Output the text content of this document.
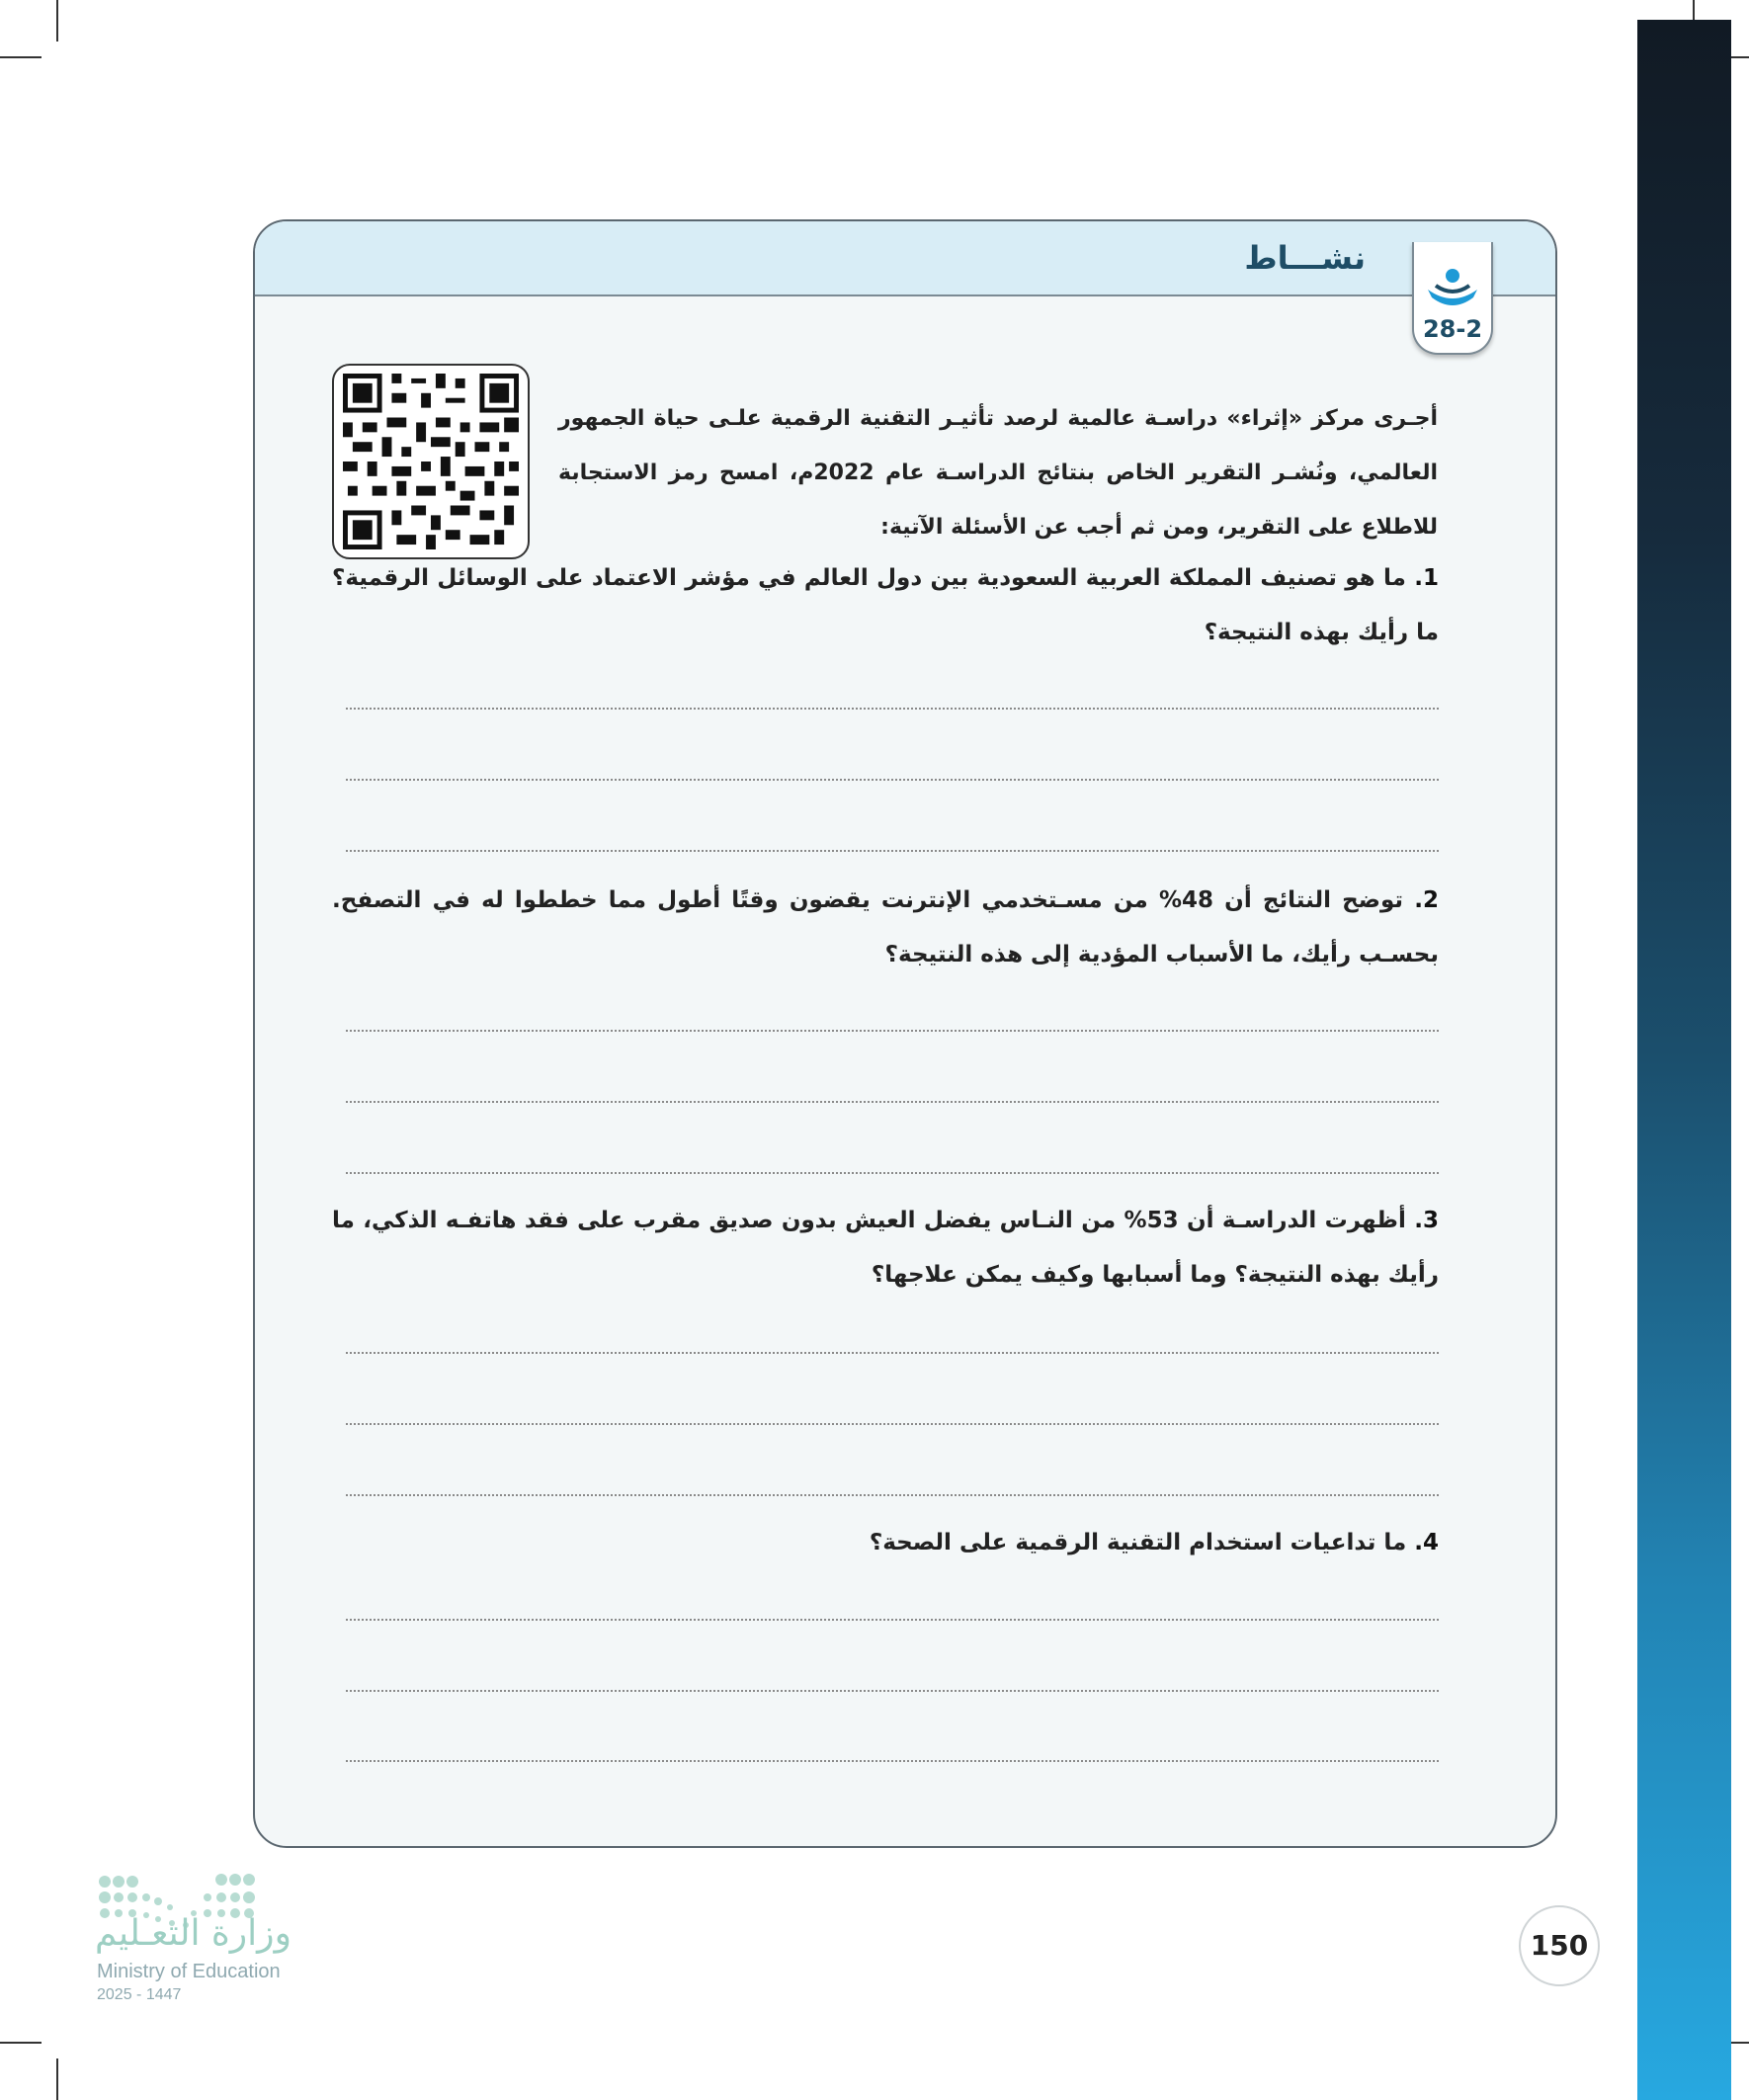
نشـــاط
28-2
أجـرى مركز «إثراء» دراسـة عالمية لرصد تأثيـر التقنية الرقمية علـى حياة الجمهور العالمي، ونُشـر التقرير الخاص بنتائج الدراسـة عام 2022م، امسح رمز الاستجابة للاطلاع على التقرير، ومن ثم أجب عن الأسئلة الآتية:
1. ما هو تصنيف المملكة العربية السعودية بين دول العالم في مؤشر الاعتماد على الوسائل الرقمية؟ ما رأيك بهذه النتيجة؟
2. توضح النتائج أن 48% من مسـتخدمي الإنترنت يقضون وقتًا أطول مما خططوا له في التصفح. بحسـب رأيك، ما الأسباب المؤدية إلى هذه النتيجة؟
3. أظهرت الدراسـة أن 53% من النـاس يفضل العيش بدون صديق مقرب على فقد هاتفـه الذكي، ما رأيك بهذه النتيجة؟ وما أسبابها وكيف يمكن علاجها؟
4. ما تداعيات استخدام التقنية الرقمية على الصحة؟
150
وزارة التعـليم
Ministry of Education
2025 - 1447
